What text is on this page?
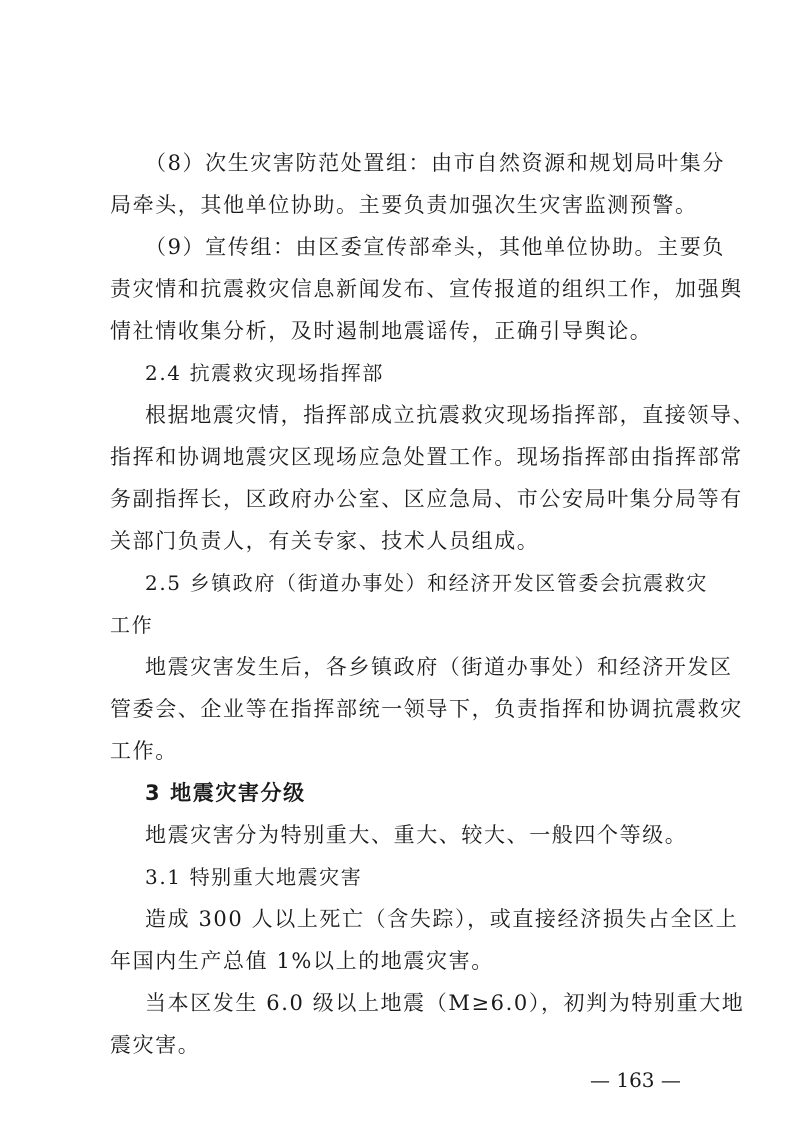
（8）次生灾害防范处置组：由市自然资源和规划局叶集分
局牵头，其他单位协助。主要负责加强次生灾害监测预警。
（9）宣传组：由区委宣传部牵头，其他单位协助。主要负
责灾情和抗震救灾信息新闻发布、宣传报道的组织工作，加强舆
情社情收集分析，及时遏制地震谣传，正确引导舆论。
2.4 抗震救灾现场指挥部
根据地震灾情，指挥部成立抗震救灾现场指挥部，直接领导、
指挥和协调地震灾区现场应急处置工作。现场指挥部由指挥部常
务副指挥长，区政府办公室、区应急局、市公安局叶集分局等有
关部门负责人，有关专家、技术人员组成。
2.5 乡镇政府（街道办事处）和经济开发区管委会抗震救灾
工作
地震灾害发生后，各乡镇政府（街道办事处）和经济开发区
管委会、企业等在指挥部统一领导下，负责指挥和协调抗震救灾
工作。
3 地震灾害分级
地震灾害分为特别重大、重大、较大、一般四个等级。
3.1 特别重大地震灾害
造成 300 人以上死亡（含失踪），或直接经济损失占全区上
年国内生产总值 1%以上的地震灾害。
当本区发生 6.0 级以上地震（M≥6.0），初判为特别重大地
震灾害。
— 163 —
